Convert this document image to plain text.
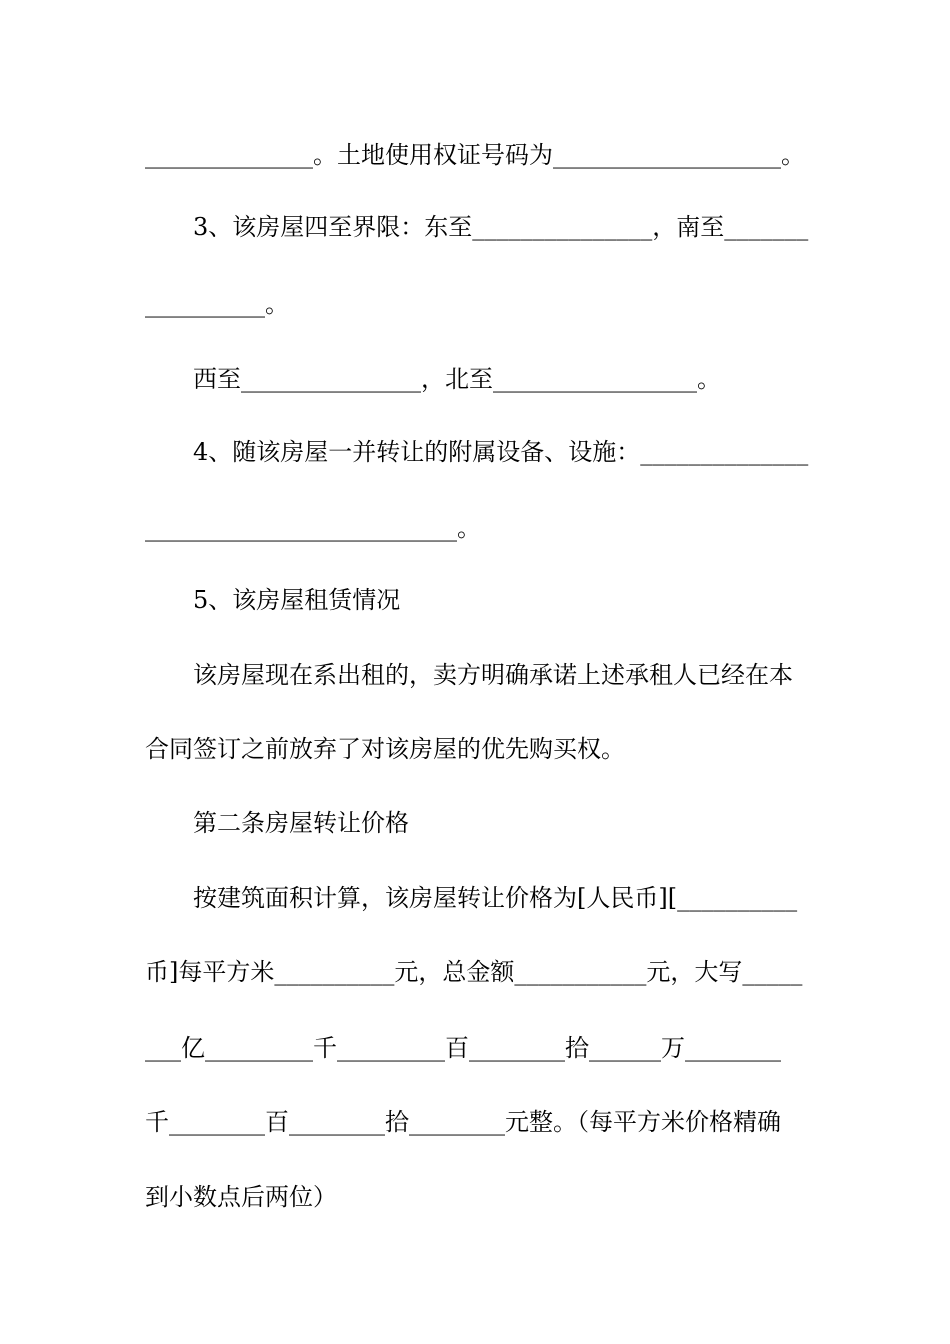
______________。土地使用权证号码为___________________。
3、该房屋四至界限：东至_______________，南至_______
__________。
西至_______________，北至_________________。
4、随该房屋一并转让的附属设备、设施：______________
__________________________。
5、该房屋租赁情况
该房屋现在系出租的，卖方明确承诺上述承租人已经在本
合同签订之前放弃了对该房屋的优先购买权。
第二条房屋转让价格
按建筑面积计算，该房屋转让价格为[人民币][__________
币]每平方米__________元，总金额___________元，大写_____
___亿_________千_________百________拾______万________
千________百________拾________元整。（每平方米价格精确
到小数点后两位）
